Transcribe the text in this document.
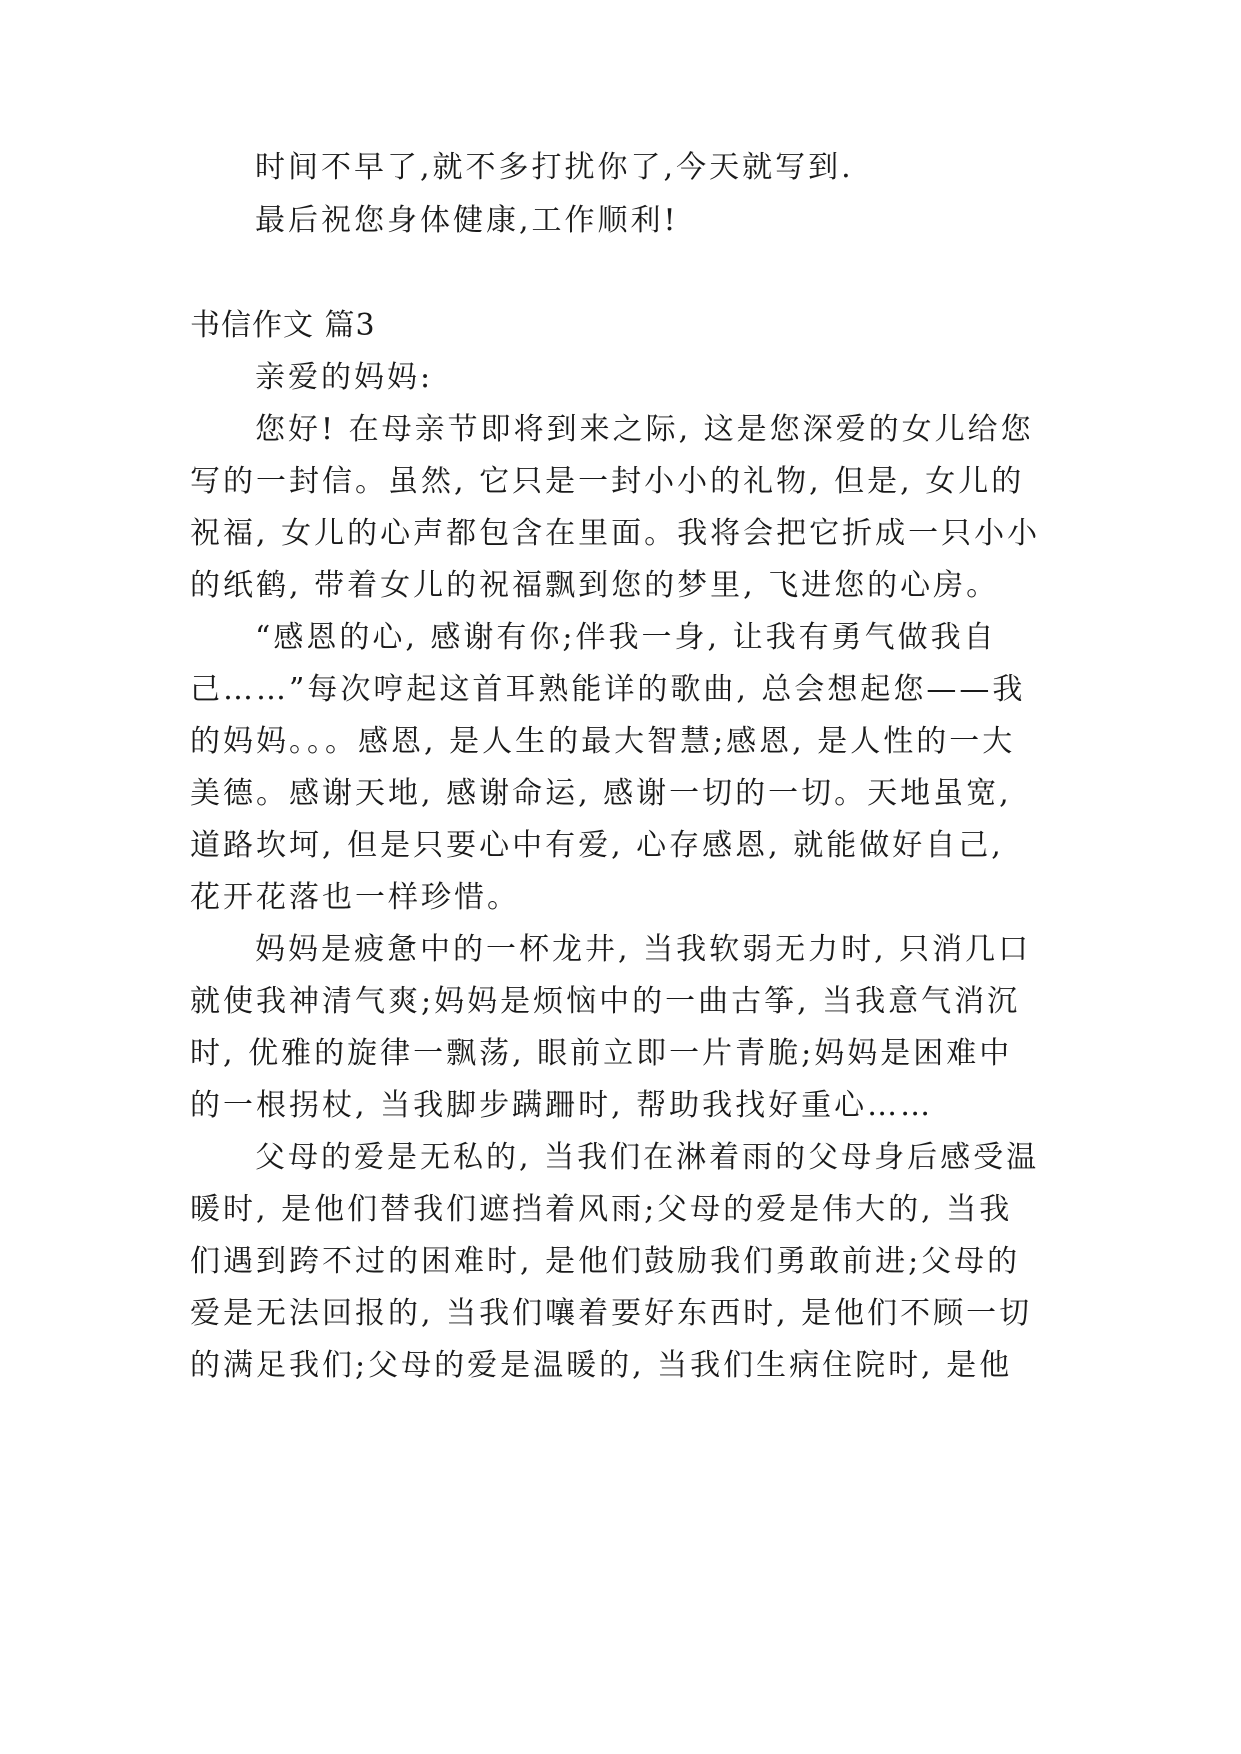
时间不早了,就不多打扰你了,今天就写到.
最后祝您身体健康,工作顺利!
书信作文 篇3
亲爱的妈妈:
您好! 在母亲节即将到来之际, 这是您深爱的女儿给您
写的一封信。虽然, 它只是一封小小的礼物, 但是, 女儿的
祝福, 女儿的心声都包含在里面。我将会把它折成一只小小
的纸鹤, 带着女儿的祝福飘到您的梦里, 飞进您的心房。
“感恩的心, 感谢有你;伴我一身, 让我有勇气做我自
己……”每次哼起这首耳熟能详的歌曲, 总会想起您——我
的妈妈。。。感恩, 是人生的最大智慧;感恩, 是人性的一大
美德。感谢天地, 感谢命运, 感谢一切的一切。天地虽宽,
道路坎坷, 但是只要心中有爱, 心存感恩, 就能做好自己,
花开花落也一样珍惜。
妈妈是疲惫中的一杯龙井, 当我软弱无力时, 只消几口
就使我神清气爽;妈妈是烦恼中的一曲古筝, 当我意气消沉
时, 优雅的旋律一飘荡, 眼前立即一片青脆;妈妈是困难中
的一根拐杖, 当我脚步蹒跚时, 帮助我找好重心……
父母的爱是无私的, 当我们在淋着雨的父母身后感受温
暖时, 是他们替我们遮挡着风雨;父母的爱是伟大的, 当我
们遇到跨不过的困难时, 是他们鼓励我们勇敢前进;父母的
爱是无法回报的, 当我们嚷着要好东西时, 是他们不顾一切
的满足我们;父母的爱是温暖的, 当我们生病住院时, 是他
